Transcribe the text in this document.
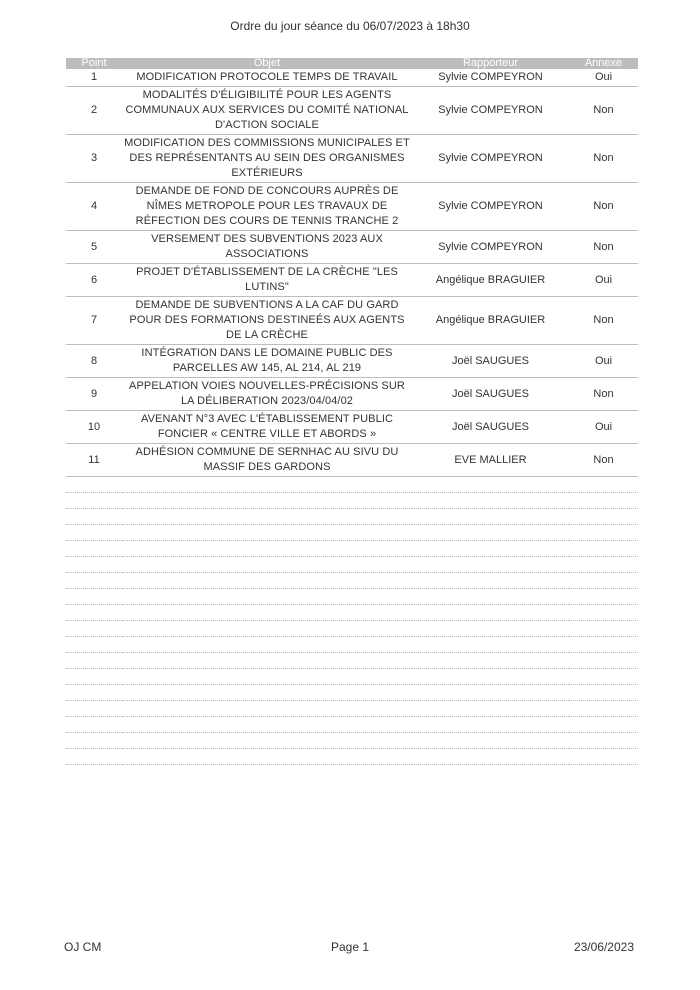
Ordre du jour séance du 06/07/2023 à 18h30
Point	Objet	Rapporteur	Annexe
1	MODIFICATION PROTOCOLE TEMPS DE TRAVAIL	Sylvie COMPEYRON	Oui
2	MODALITÉS D'ÉLIGIBILITÉ POUR LES AGENTS COMMUNAUX AUX SERVICES DU COMITÉ NATIONAL D'ACTION SOCIALE	Sylvie COMPEYRON	Non
3	MODIFICATION DES COMMISSIONS MUNICIPALES ET DES REPRÉSENTANTS AU SEIN DES ORGANISMES EXTÉRIEURS	Sylvie COMPEYRON	Non
4	DEMANDE DE FOND DE CONCOURS AUPRÈS DE NÎMES METROPOLE POUR LES TRAVAUX DE RÉFECTION DES COURS DE TENNIS TRANCHE 2	Sylvie COMPEYRON	Non
5	VERSEMENT DES SUBVENTIONS 2023 AUX ASSOCIATIONS	Sylvie COMPEYRON	Non
6	PROJET D'ÉTABLISSEMENT DE LA CRÈCHE "LES LUTINS"	Angélique BRAGUIER	Oui
7	DEMANDE DE SUBVENTIONS A LA CAF DU GARD POUR DES FORMATIONS DESTINEÉS AUX AGENTS DE LA CRÈCHE	Angélique BRAGUIER	Non
8	INTÉGRATION DANS LE DOMAINE PUBLIC DES PARCELLES AW 145, AL 214, AL 219	Joël SAUGUES	Oui
9	APPELATION VOIES NOUVELLES-PRÉCISIONS SUR LA DÉLIBERATION 2023/04/04/02	Joël SAUGUES	Non
10	AVENANT N°3 AVEC L'ÉTABLISSEMENT PUBLIC FONCIER « CENTRE VILLE ET ABORDS »	Joël SAUGUES	Oui
11	ADHÉSION COMMUNE DE SERNHAC AU SIVU DU MASSIF DES GARDONS	EVE MALLIER	Non

OJ CM	Page 1	23/06/2023
